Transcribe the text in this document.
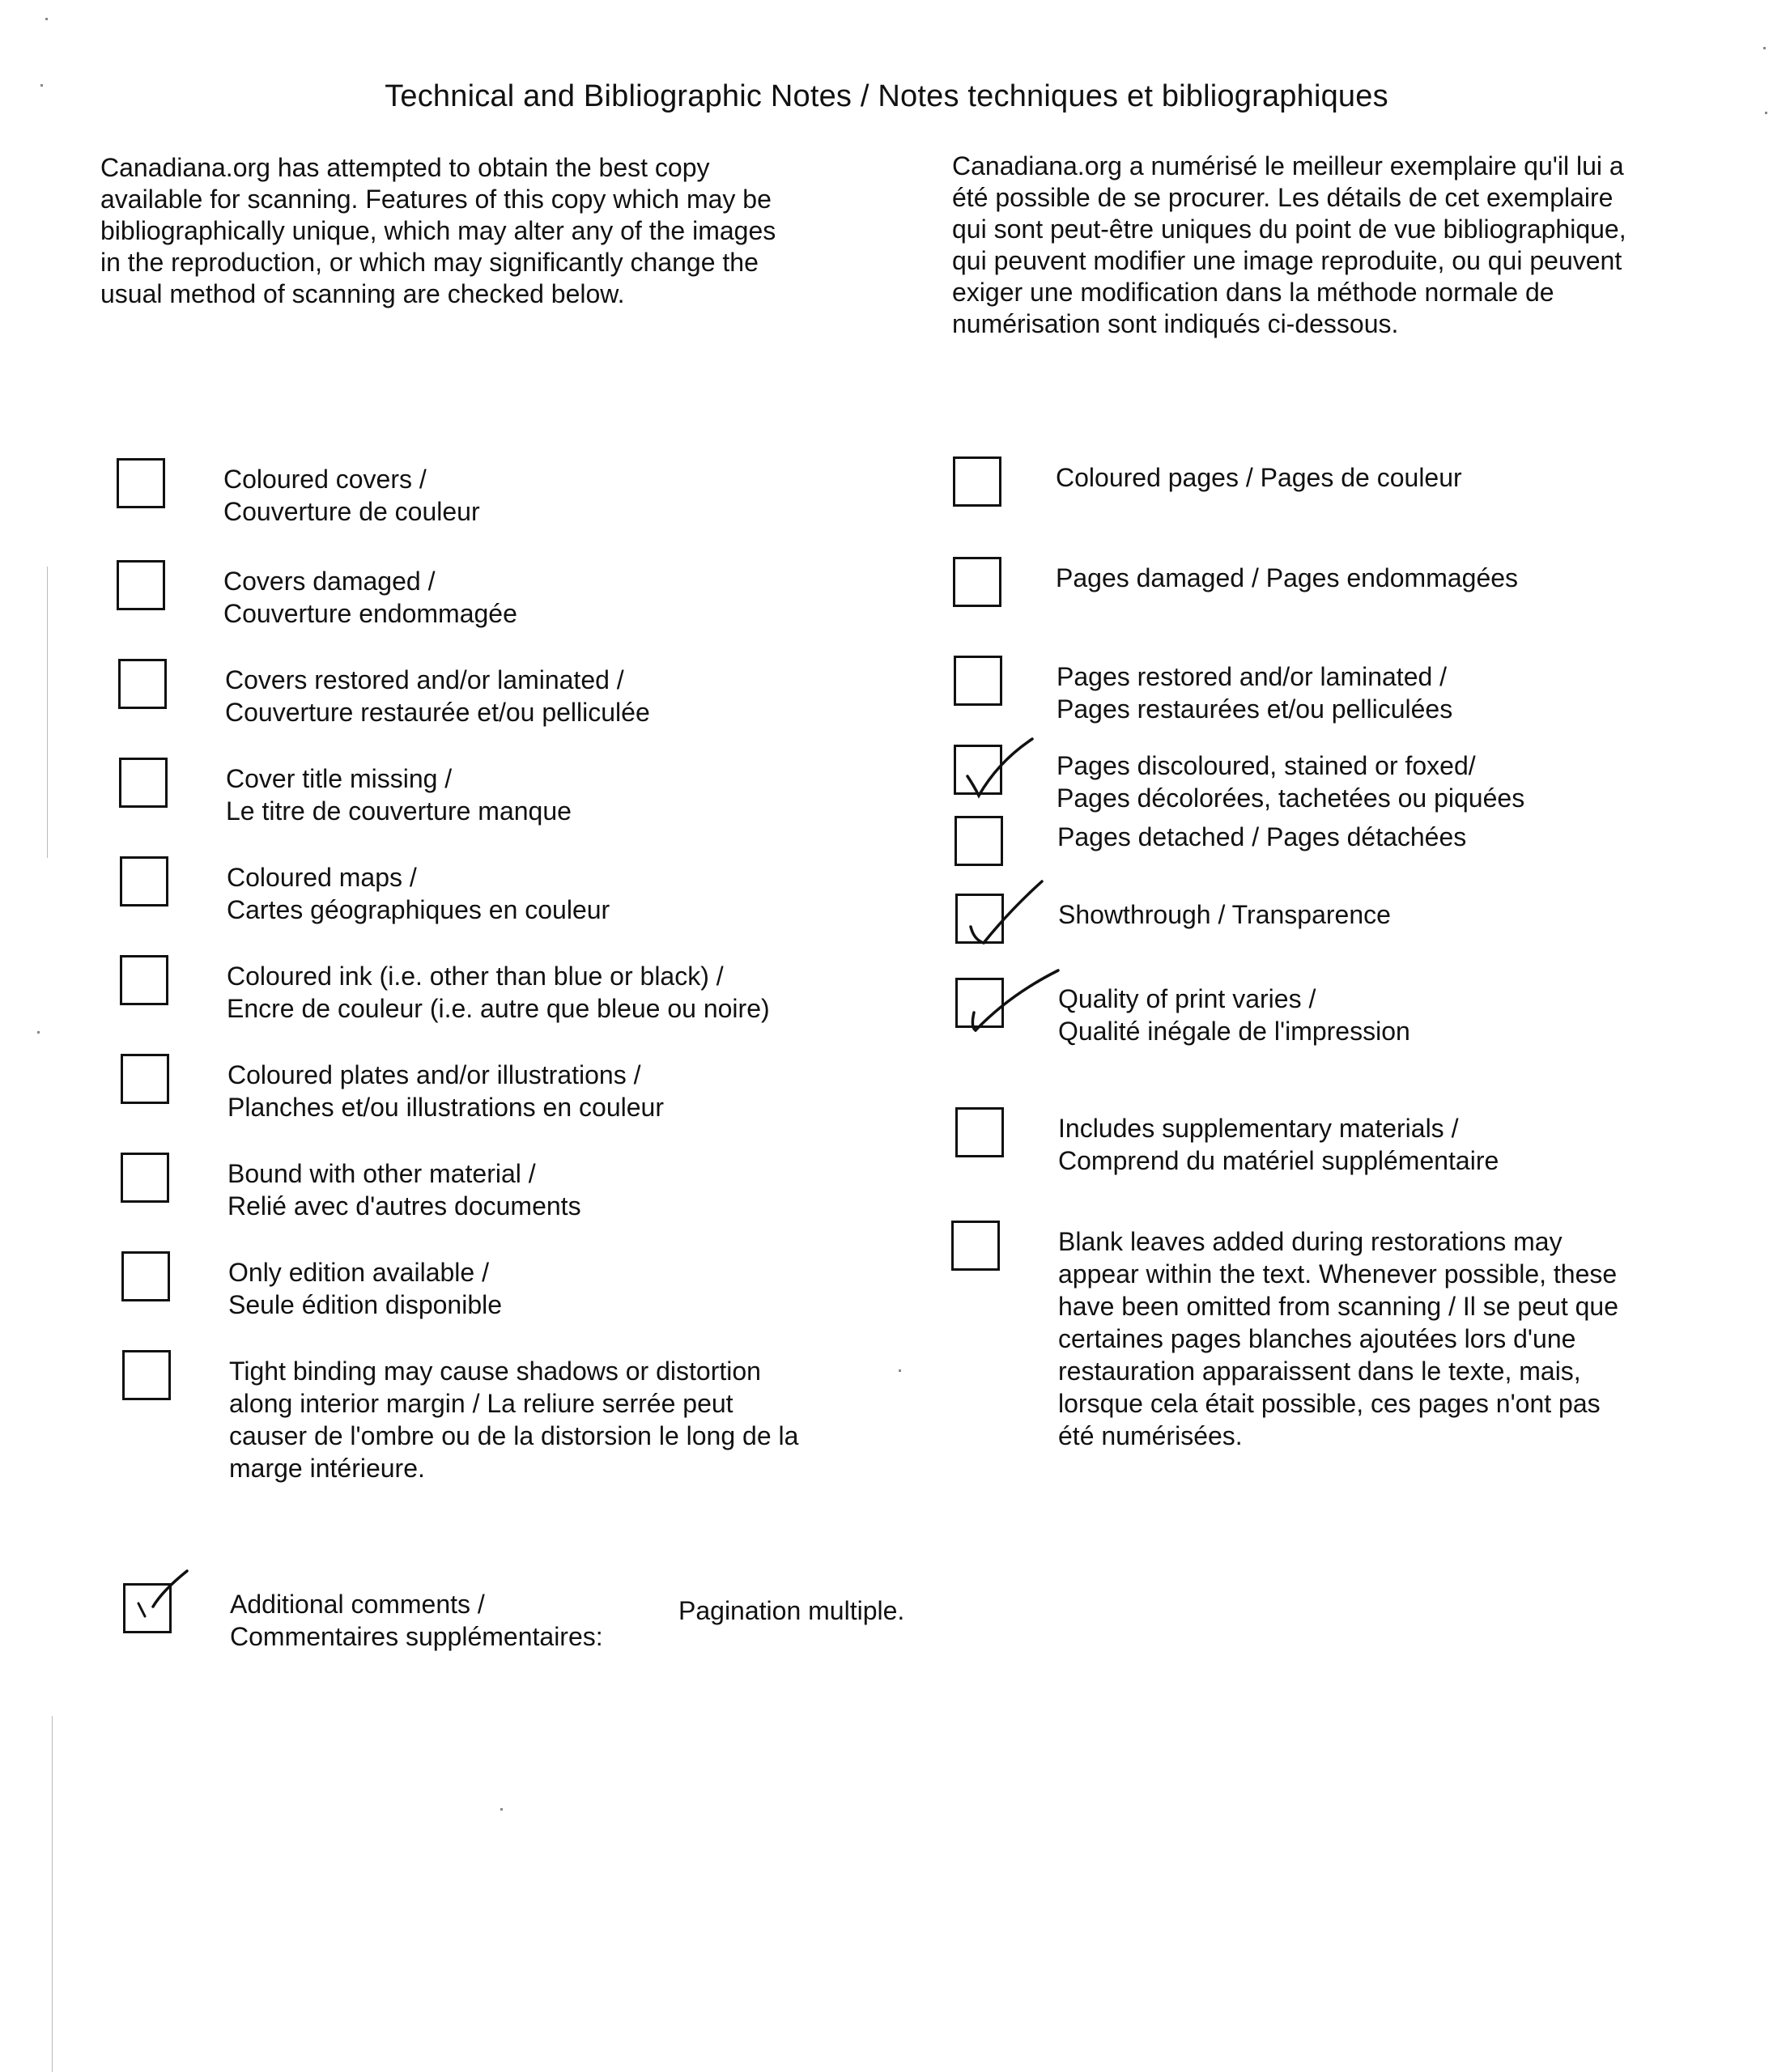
Technical and Bibliographic Notes / Notes techniques et bibliographiques
Canadiana.org has attempted to obtain the best copy
available for scanning. Features of this copy which may be
bibliographically unique, which may alter any of the images
in the reproduction, or which may significantly change the
usual method of scanning are checked below.
Canadiana.org a numérisé le meilleur exemplaire qu'il lui a
été possible de se procurer. Les détails de cet exemplaire
qui sont peut-être uniques du point de vue bibliographique,
qui peuvent modifier une image reproduite, ou qui peuvent
exiger une modification dans la méthode normale de
numérisation sont indiqués ci-dessous.
Coloured covers /
Couverture de couleur
Covers damaged /
Couverture endommagée
Covers restored and/or laminated /
Couverture restaurée et/ou pelliculée
Cover title missing /
Le titre de couverture manque
Coloured maps /
Cartes géographiques en couleur
Coloured ink (i.e. other than blue or black) /
Encre de couleur (i.e. autre que bleue ou noire)
Coloured plates and/or illustrations /
Planches et/ou illustrations en couleur
Bound with other material /
Relié avec d'autres documents
Only edition available /
Seule édition disponible
Tight binding may cause shadows or distortion
along interior margin / La reliure serrée peut
causer de l'ombre ou de la distorsion le long de la
marge intérieure.
Coloured pages / Pages de couleur
Pages damaged / Pages endommagées
Pages restored and/or laminated /
Pages restaurées et/ou pelliculées
Pages discoloured, stained or foxed/
Pages décolorées, tachetées ou piquées
Pages detached / Pages détachées
Showthrough / Transparence
Quality of print varies /
Qualité inégale de l'impression
Includes supplementary materials /
Comprend du matériel supplémentaire
Blank leaves added during restorations may
appear within the text. Whenever possible, these
have been omitted from scanning / Il se peut que
certaines pages blanches ajoutées lors d'une
restauration apparaissent dans le texte, mais,
lorsque cela était possible, ces pages n'ont pas
été numérisées.
Additional comments /
Commentaires supplémentaires:
Pagination multiple.
